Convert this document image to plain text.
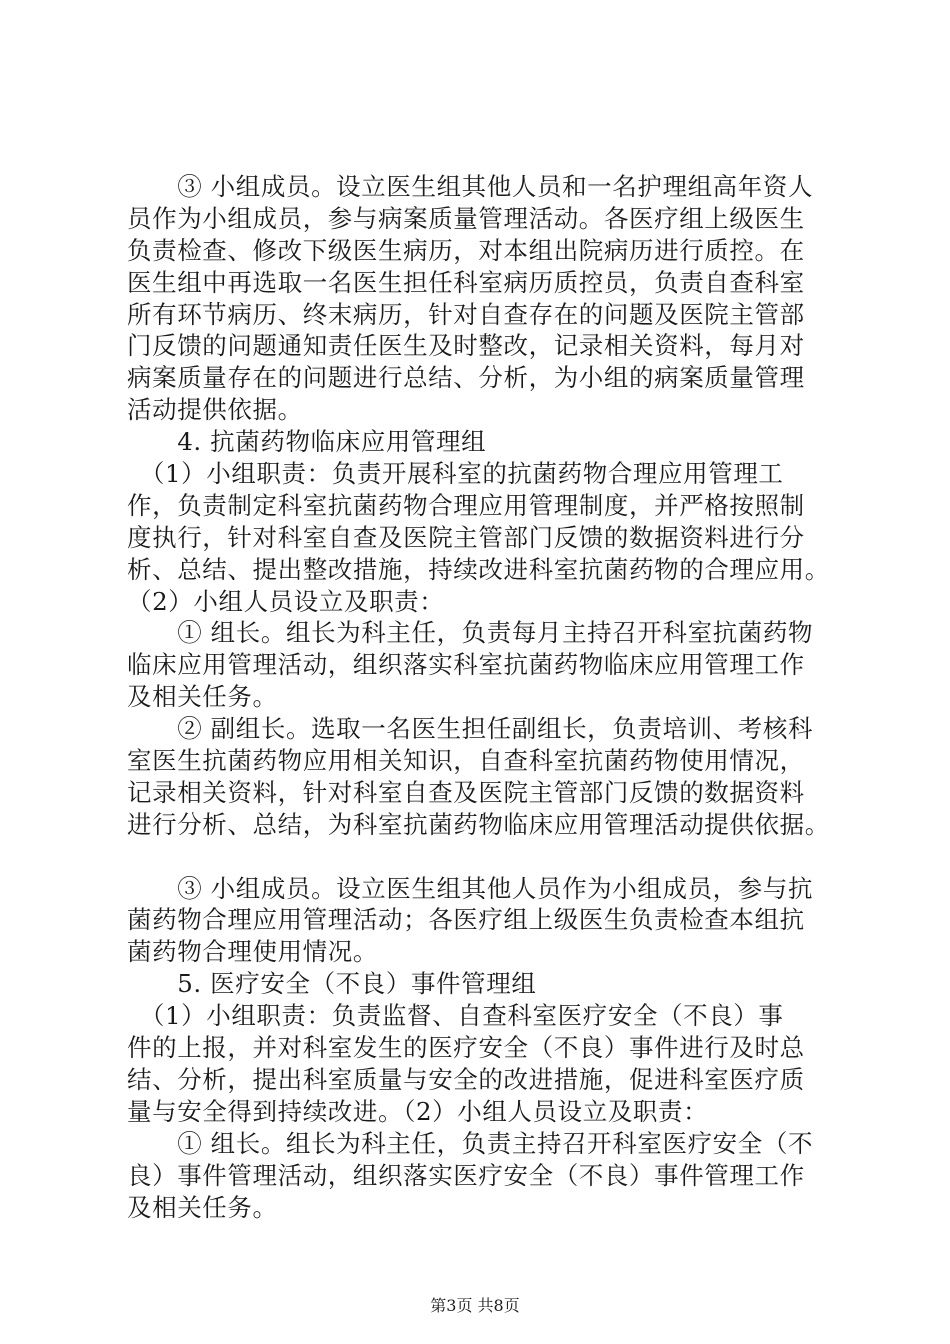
　　③ 小组成员。设立医生组其他人员和一名护理组高年资人
员作为小组成员，参与病案质量管理活动。各医疗组上级医生
负责检查、修改下级医生病历，对本组出院病历进行质控。在
医生组中再选取一名医生担任科室病历质控员，负责自查科室
所有环节病历、终末病历，针对自查存在的问题及医院主管部
门反馈的问题通知责任医生及时整改，记录相关资料，每月对
病案质量存在的问题进行总结、分析，为小组的病案质量管理
活动提供依据。
　　4. 抗菌药物临床应用管理组
　（1）小组职责：负责开展科室的抗菌药物合理应用管理工
作，负责制定科室抗菌药物合理应用管理制度，并严格按照制
度执行，针对科室自查及医院主管部门反馈的数据资料进行分
析、总结、提出整改措施，持续改进科室抗菌药物的合理应用。
（2）小组人员设立及职责：
　　① 组长。组长为科主任，负责每月主持召开科室抗菌药物
临床应用管理活动，组织落实科室抗菌药物临床应用管理工作
及相关任务。
　　② 副组长。选取一名医生担任副组长，负责培训、考核科
室医生抗菌药物应用相关知识，自查科室抗菌药物使用情况，
记录相关资料，针对科室自查及医院主管部门反馈的数据资料
进行分析、总结，为科室抗菌药物临床应用管理活动提供依据。
　　③ 小组成员。设立医生组其他人员作为小组成员，参与抗
菌药物合理应用管理活动；各医疗组上级医生负责检查本组抗
菌药物合理使用情况。
　　5. 医疗安全（不良）事件管理组
　（1）小组职责：负责监督、自查科室医疗安全（不良）事
件的上报，并对科室发生的医疗安全（不良）事件进行及时总
结、分析，提出科室质量与安全的改进措施，促进科室医疗质
量与安全得到持续改进。（2）小组人员设立及职责：
　　① 组长。组长为科主任，负责主持召开科室医疗安全（不
良）事件管理活动，组织落实医疗安全（不良）事件管理工作
及相关任务。
第3页 共8页
